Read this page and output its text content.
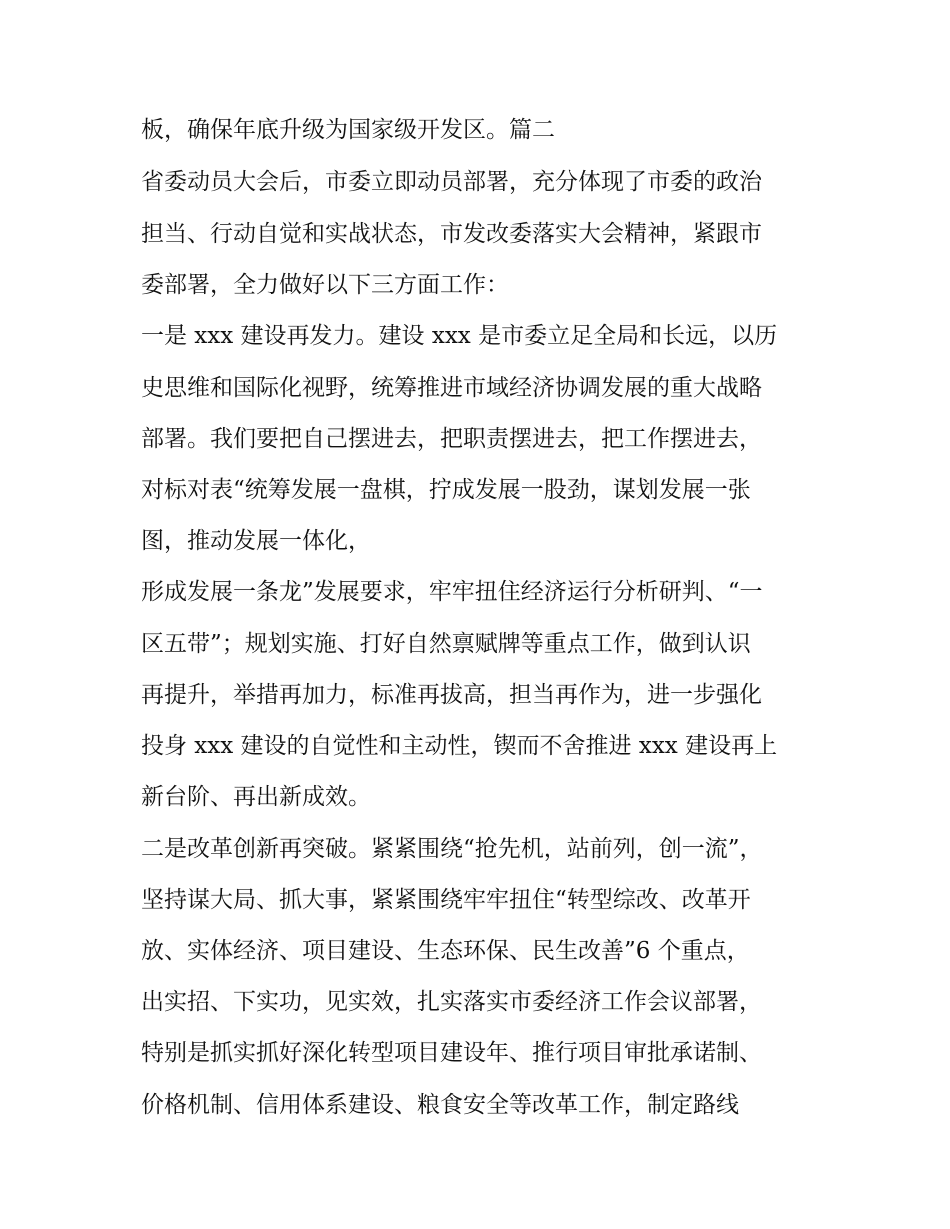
板，确保年底升级为国家级开发区。篇二
省委动员大会后，市委立即动员部署，充分体现了市委的政治
担当、行动自觉和实战状态，市发改委落实大会精神，紧跟市
委部署，全力做好以下三方面工作：
一是 xxx 建设再发力。建设 xxx 是市委立足全局和长远，以历
史思维和国际化视野，统筹推进市域经济协调发展的重大战略
部署。我们要把自己摆进去，把职责摆进去，把工作摆进去，
对标对表“统筹发展一盘棋，拧成发展一股劲，谋划发展一张
图，推动发展一体化，
形成发展一条龙”发展要求，牢牢扭住经济运行分析研判、“一
区五带”；规划实施、打好自然禀赋牌等重点工作，做到认识
再提升，举措再加力，标准再拔高，担当再作为，进一步强化
投身 xxx 建设的自觉性和主动性，锲而不舍推进 xxx 建设再上
新台阶、再出新成效。
二是改革创新再突破。紧紧围绕“抢先机，站前列，创一流”，
坚持谋大局、抓大事，紧紧围绕牢牢扭住“转型综改、改革开
放、实体经济、项目建设、生态环保、民生改善”6 个重点，
出实招、下实功，见实效，扎实落实市委经济工作会议部署，
特别是抓实抓好深化转型项目建设年、推行项目审批承诺制、
价格机制、信用体系建设、粮食安全等改革工作，制定路线
